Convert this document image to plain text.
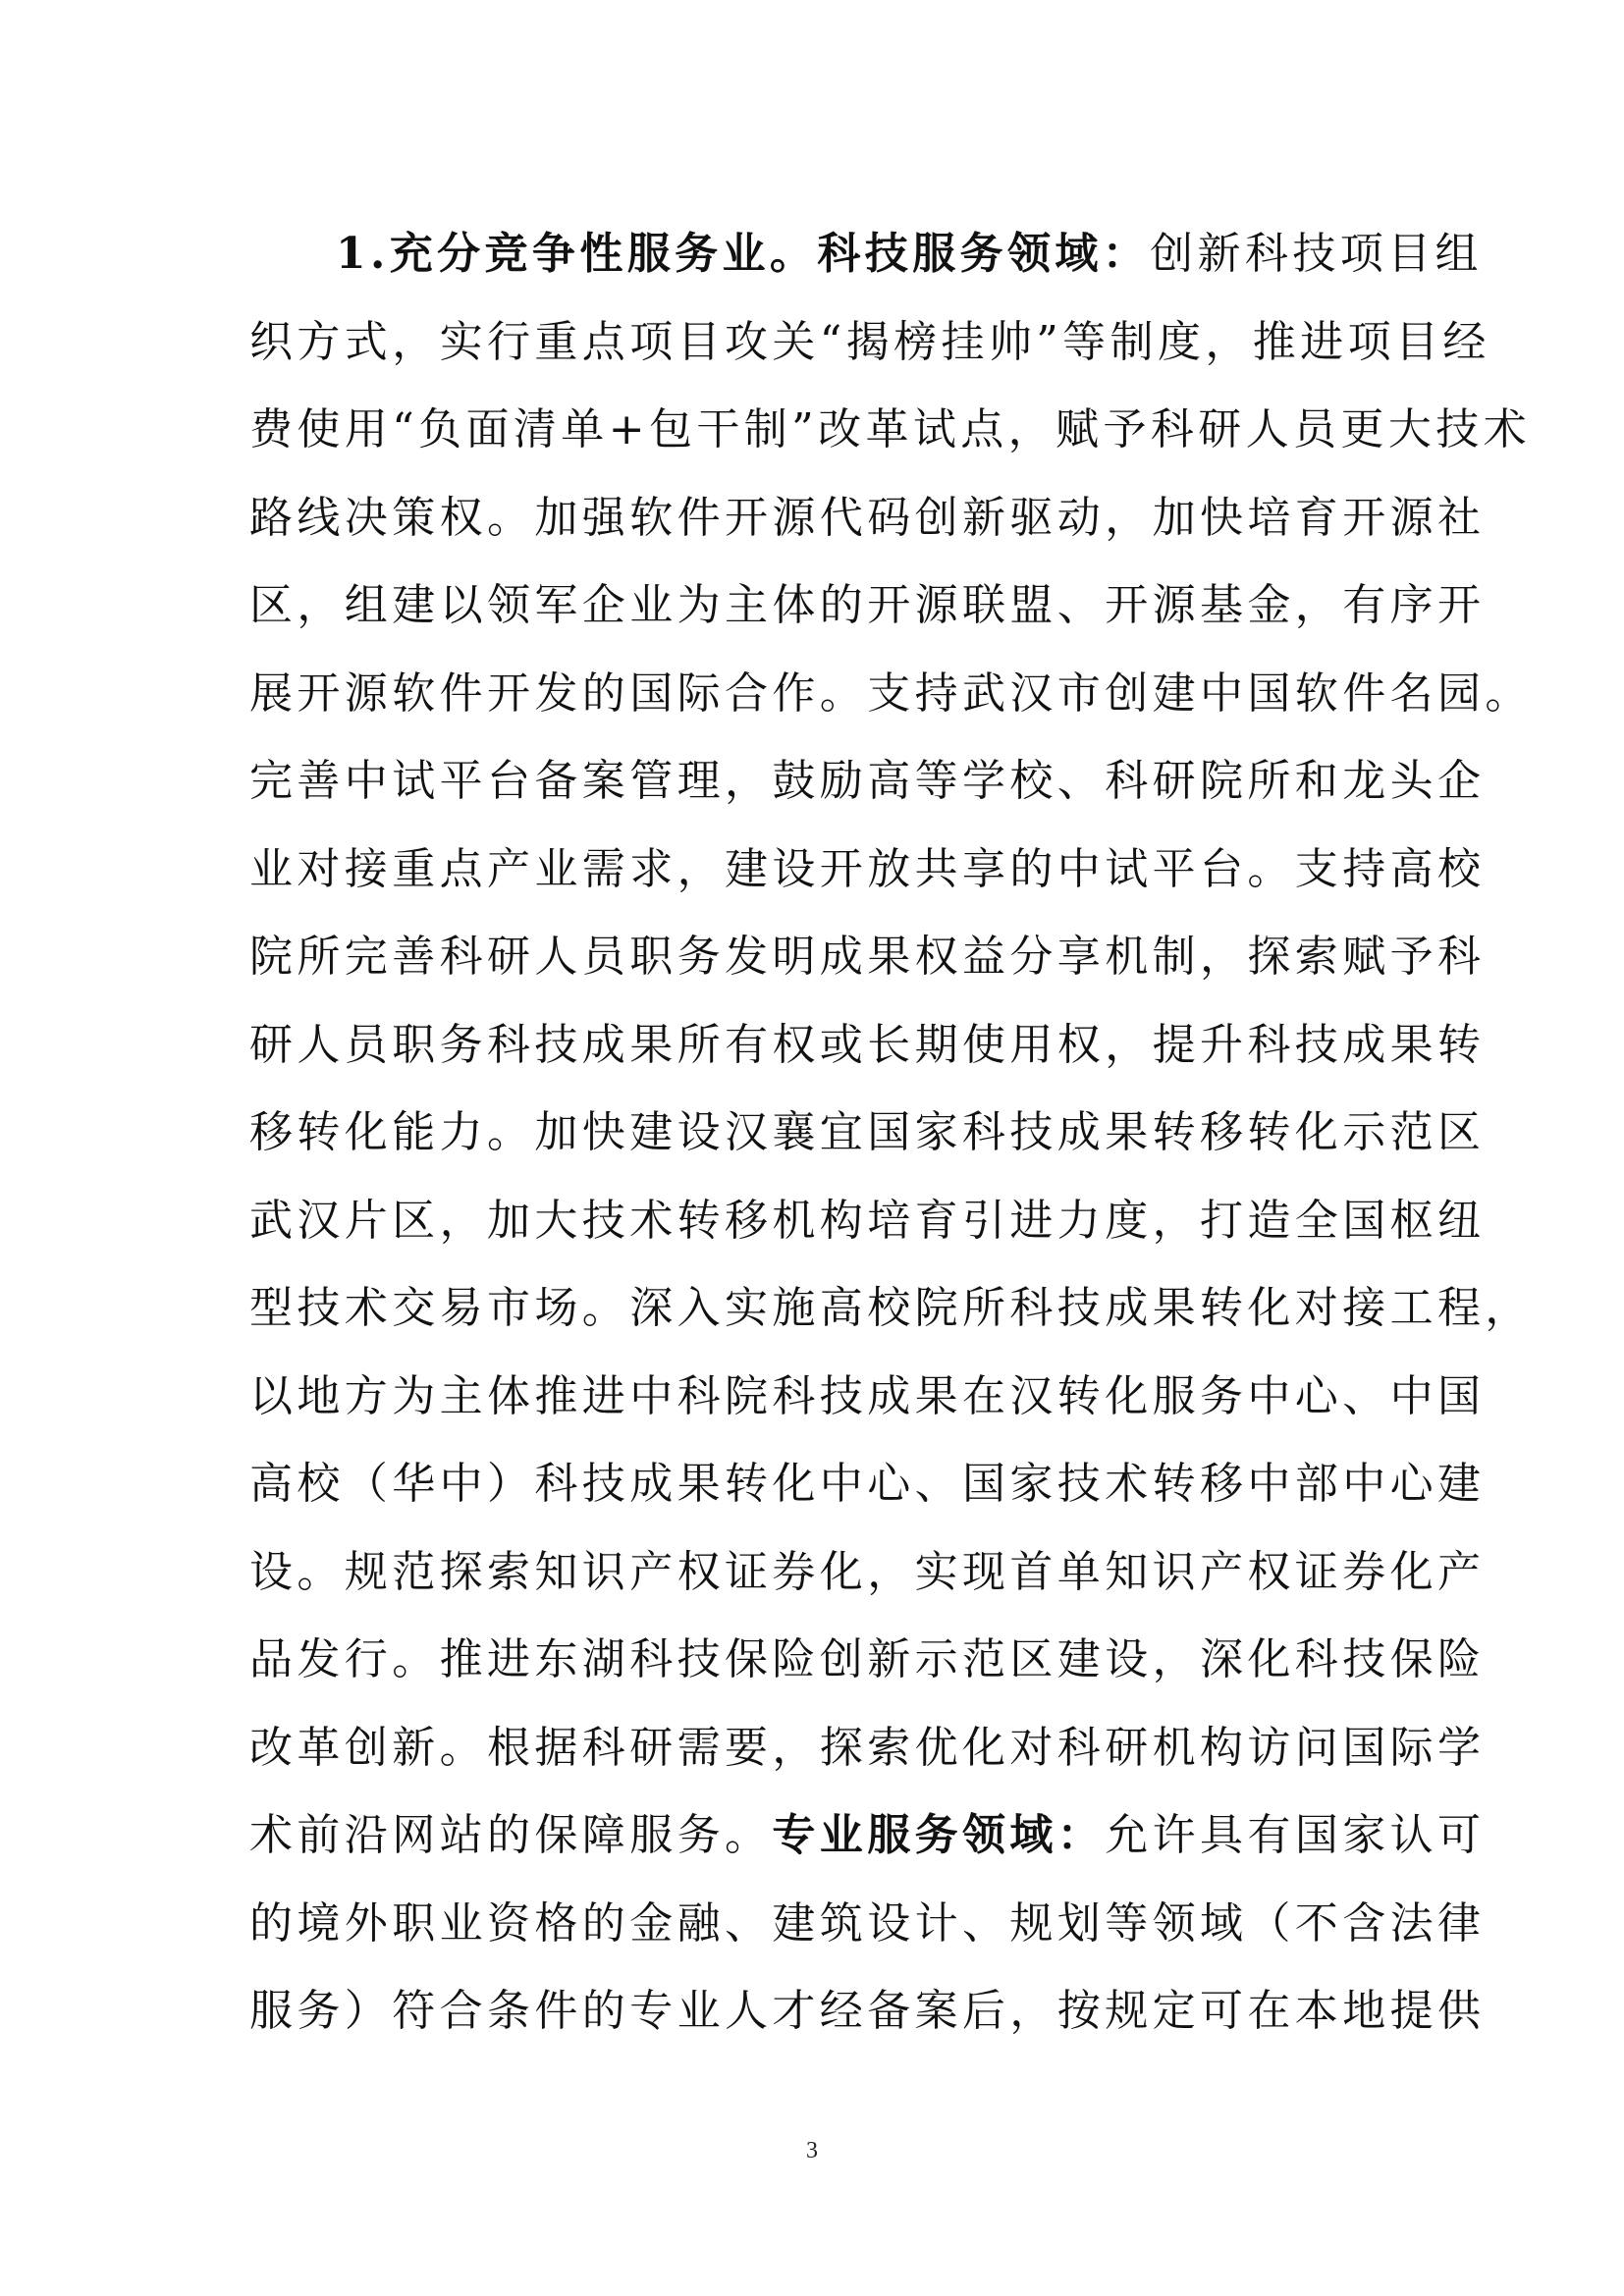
1.充分竞争性服务业。科技服务领域：创新科技项目组
织方式，实行重点项目攻关“揭榜挂帅”等制度，推进项目经
费使用“负面清单+包干制”改革试点，赋予科研人员更大技术
路线决策权。加强软件开源代码创新驱动，加快培育开源社
区，组建以领军企业为主体的开源联盟、开源基金，有序开
展开源软件开发的国际合作。支持武汉市创建中国软件名园。
完善中试平台备案管理，鼓励高等学校、科研院所和龙头企
业对接重点产业需求，建设开放共享的中试平台。支持高校
院所完善科研人员职务发明成果权益分享机制，探索赋予科
研人员职务科技成果所有权或长期使用权，提升科技成果转
移转化能力。加快建设汉襄宜国家科技成果转移转化示范区
武汉片区，加大技术转移机构培育引进力度，打造全国枢纽
型技术交易市场。深入实施高校院所科技成果转化对接工程，
以地方为主体推进中科院科技成果在汉转化服务中心、中国
高校（华中）科技成果转化中心、国家技术转移中部中心建
设。规范探索知识产权证券化，实现首单知识产权证券化产
品发行。推进东湖科技保险创新示范区建设，深化科技保险
改革创新。根据科研需要，探索优化对科研机构访问国际学
术前沿网站的保障服务。专业服务领域：允许具有国家认可
的境外职业资格的金融、建筑设计、规划等领域（不含法律
服务）符合条件的专业人才经备案后，按规定可在本地提供
3
